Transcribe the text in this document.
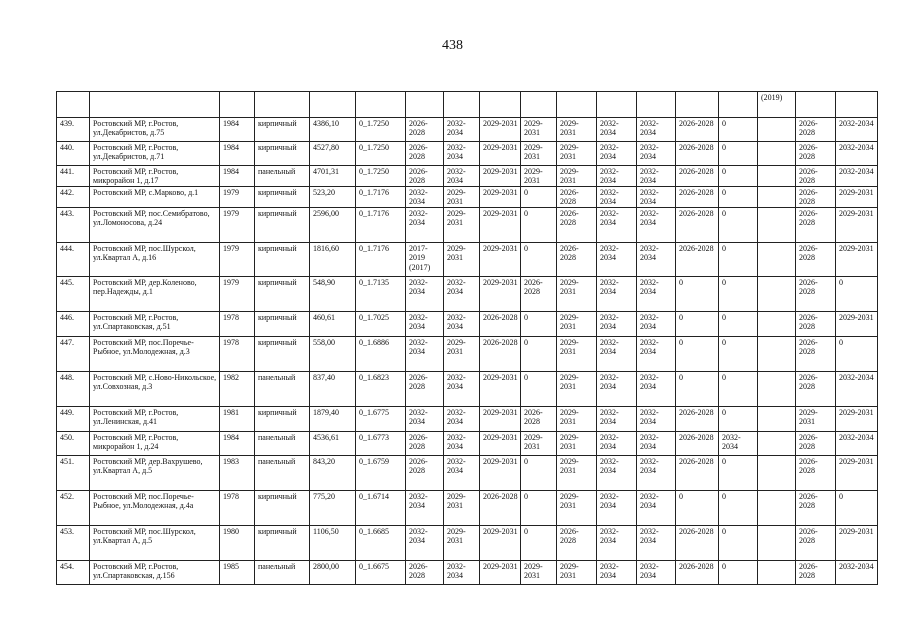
438
															(2019)		
439.	Ростовский МР, г.Ростов, ул.Декабристов, д.75	1984	кирпичный	4386,10	0_1.7250	2026-2028	2032-2034	2029-2031	2029-2031	2029-2031	2032-2034	2032-2034	2026-2028	0		2026-2028	2032-2034
440.	Ростовский МР, г.Ростов, ул.Декабристов, д.71	1984	кирпичный	4527,80	0_1.7250	2026-2028	2032-2034	2029-2031	2029-2031	2029-2031	2032-2034	2032-2034	2026-2028	0		2026-2028	2032-2034
441.	Ростовский МР, г.Ростов, микрорайон 1, д.17	1984	панельный	4701,31	0_1.7250	2026-2028	2032-2034	2029-2031	2029-2031	2029-2031	2032-2034	2032-2034	2026-2028	0		2026-2028	2032-2034
442.	Ростовский МР, с.Марково, д.1	1979	кирпичный	523,20	0_1.7176	2032-2034	2029-2031	2029-2031	0	2026-2028	2032-2034	2032-2034	2026-2028	0		2026-2028	2029-2031
443.	Ростовский МР, пос.Семибратово, ул.Ломоносова, д.24	1979	кирпичный	2596,00	0_1.7176	2032-2034	2029-2031	2029-2031	0	2026-2028	2032-2034	2032-2034	2026-2028	0		2026-2028	2029-2031
444.	Ростовский МР, пос.Шурскол, ул.Квартал А, д.16	1979	кирпичный	1816,60	0_1.7176	2017-2019 (2017)	2029-2031	2029-2031	0	2026-2028	2032-2034	2032-2034	2026-2028	0		2026-2028	2029-2031
445.	Ростовский МР, дер.Коленово, пер.Надежды, д.1	1979	кирпичный	548,90	0_1.7135	2032-2034	2032-2034	2029-2031	2026-2028	2029-2031	2032-2034	2032-2034	0	0		2026-2028	0
446.	Ростовский МР, г.Ростов, ул.Спартаковская, д.51	1978	кирпичный	460,61	0_1.7025	2032-2034	2032-2034	2026-2028	0	2029-2031	2032-2034	2032-2034	0	0		2026-2028	2029-2031
447.	Ростовский МР, пос.Поречье-Рыбное, ул.Молодежная, д.3	1978	кирпичный	558,00	0_1.6886	2032-2034	2029-2031	2026-2028	0	2029-2031	2032-2034	2032-2034	0	0		2026-2028	0
448.	Ростовский МР, с.Ново-Никольское, ул.Совхозная, д.3	1982	панельный	837,40	0_1.6823	2026-2028	2032-2034	2029-2031	0	2029-2031	2032-2034	2032-2034	0	0		2026-2028	2032-2034
449.	Ростовский МР, г.Ростов, ул.Ленинская, д.41	1981	кирпичный	1879,40	0_1.6775	2032-2034	2032-2034	2029-2031	2026-2028	2029-2031	2032-2034	2032-2034	2026-2028	0		2029-2031	2029-2031
450.	Ростовский МР, г.Ростов, микрорайон 1, д.24	1984	панельный	4536,61	0_1.6773	2026-2028	2032-2034	2029-2031	2029-2031	2029-2031	2032-2034	2032-2034	2026-2028	2032-2034		2026-2028	2032-2034
451.	Ростовский МР, дер.Вахрушево, ул.Квартал А, д.5	1983	панельный	843,20	0_1.6759	2026-2028	2032-2034	2029-2031	0	2029-2031	2032-2034	2032-2034	2026-2028	0		2026-2028	2029-2031
452.	Ростовский МР, пос.Поречье-Рыбное, ул.Молодежная, д.4а	1978	кирпичный	775,20	0_1.6714	2032-2034	2029-2031	2026-2028	0	2029-2031	2032-2034	2032-2034	0	0		2026-2028	0
453.	Ростовский МР, пос.Шурскол, ул.Квартал А, д.5	1980	кирпичный	1106,50	0_1.6685	2032-2034	2029-2031	2029-2031	0	2026-2028	2032-2034	2032-2034	2026-2028	0		2026-2028	2029-2031
454.	Ростовский МР, г.Ростов, ул.Спартаковская, д.156	1985	панельный	2800,00	0_1.6675	2026-2028	2032-2034	2029-2031	2029-2031	2029-2031	2032-2034	2032-2034	2026-2028	0		2026-2028	2032-2034
